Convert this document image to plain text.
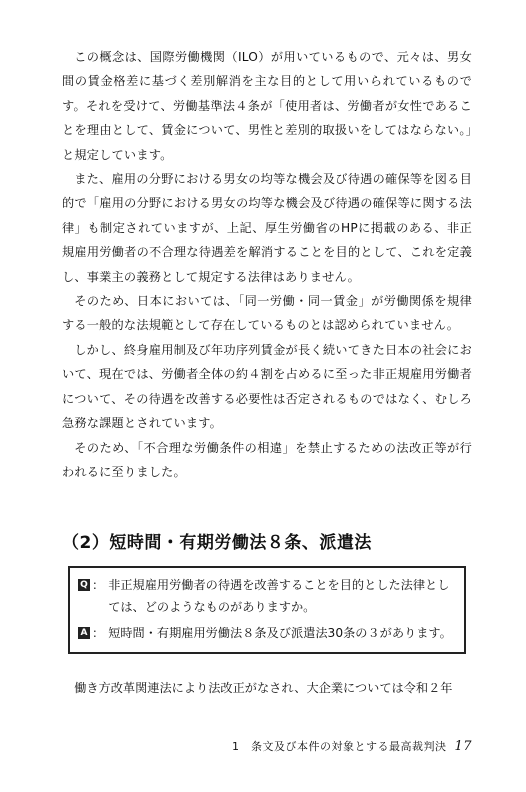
この概念は、国際労働機関（ILO）が用いているもので、元々は、男女間の賃金格差に基づく差別解消を主な目的として用いられているものです。それを受けて、労働基準法４条が「使用者は、労働者が女性であることを理由として、賃金について、男性と差別的取扱いをしてはならない。」と規定しています。

また、雇用の分野における男女の均等な機会及び待遇の確保等を図る目的で「雇用の分野における男女の均等な機会及び待遇の確保等に関する法律」も制定されていますが、上記、厚生労働省のHPに掲載のある、非正規雇用労働者の不合理な待遇差を解消することを目的として、これを定義し、事業主の義務として規定する法律はありません。

そのため、日本においては、「同一労働・同一賃金」が労働関係を規律する一般的な法規範として存在しているものとは認められていません。

しかし、終身雇用制及び年功序列賃金が長く続いてきた日本の社会において、現在では、労働者全体の約４割を占めるに至った非正規雇用労働者について、その待遇を改善する必要性は否定されるものではなく、むしろ急務な課題とされています。

そのため、「不合理な労働条件の相違」を禁止するための法改正等が行われるに至りました。

（2）短時間・有期労働法８条、派遣法
Q ： 非正規雇用労働者の待遇を改善することを目的とした法律としては、どのようなものがありますか。
A ： 短時間・有期雇用労働法８条及び派遣法30条の３があります。

働き方改革関連法により法改正がなされ、大企業については令和２年

1　条文及び本件の対象とする最高裁判決 17
